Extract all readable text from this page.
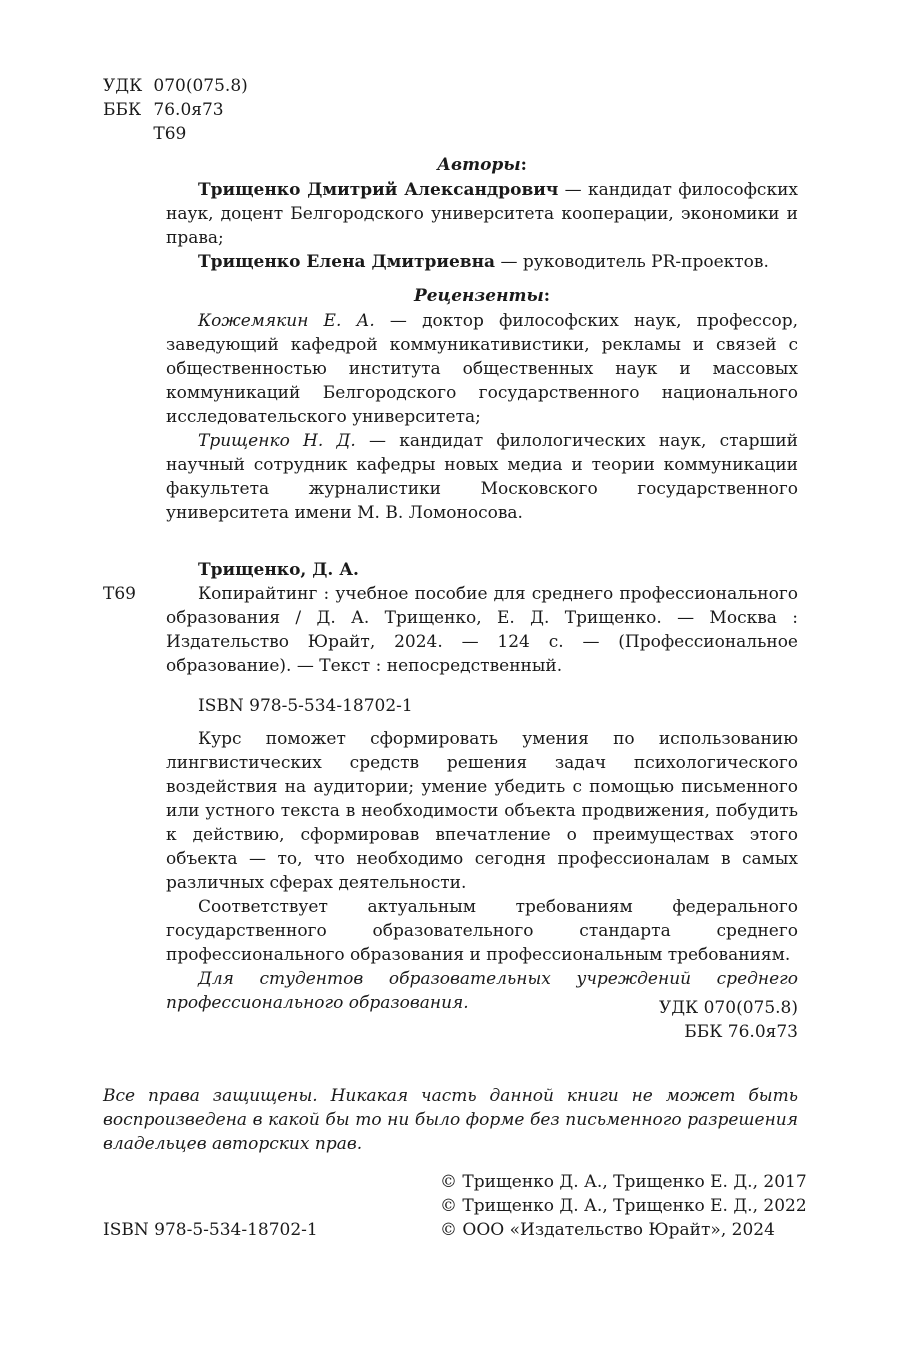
УДК 070(075.8)
ББК 76.0я73
Т69

Авторы:

Трищенко Дмитрий Александрович — кандидат философских наук, доцент Белгородского университета кооперации, экономики и права;

Трищенко Елена Дмитриевна — руководитель PR-проектов.

Рецензенты:

Кожемякин Е. А. — доктор философских наук, профессор, заведующий кафедрой коммуникативистики, рекламы и связей с общественностью института общественных наук и массовых коммуникаций Белгородского государственного национального исследовательского университета;

Трищенко Н. Д. — кандидат филологических наук, старший научный сотрудник кафедры новых медиа и теории коммуникации факультета журналистики Московского государственного университета имени М. В. Ломоносова.

Трищенко, Д. А.
Т69	Копирайтинг : учебное пособие для среднего профессионального образования / Д. А. Трищенко, Е. Д. Трищенко. — Москва : Издательство Юрайт, 2024. — 124 с. — (Профессиональное образование). — Текст : непосредственный.

ISBN 978-5-534-18702-1

Курс поможет сформировать умения по использованию лингвистических средств решения задач психологического воздействия на аудитории; умение убедить с помощью письменного или устного текста в необходимости объекта продвижения, побудить к действию, сформировав впечатление о преимуществах этого объекта — то, что необходимо сегодня профессионалам в самых различных сферах деятельности.

Соответствует актуальным требованиям федерального государственного образовательного стандарта среднего профессионального образования и профессиональным требованиям.

Для студентов образовательных учреждений среднего профессионального образования.	УДК 070(075.8)
ББК 76.0я73
Все права защищены. Никакая часть данной книги не может быть воспроизведена в какой бы то ни было форме без письменного разрешения владельцев авторских прав.
ISBN 978-5-534-18702-1
© Трищенко Д. А., Трищенко Е. Д., 2017
© Трищенко Д. А., Трищенко Е. Д., 2022
© ООО «Издательство Юрайт», 2024
